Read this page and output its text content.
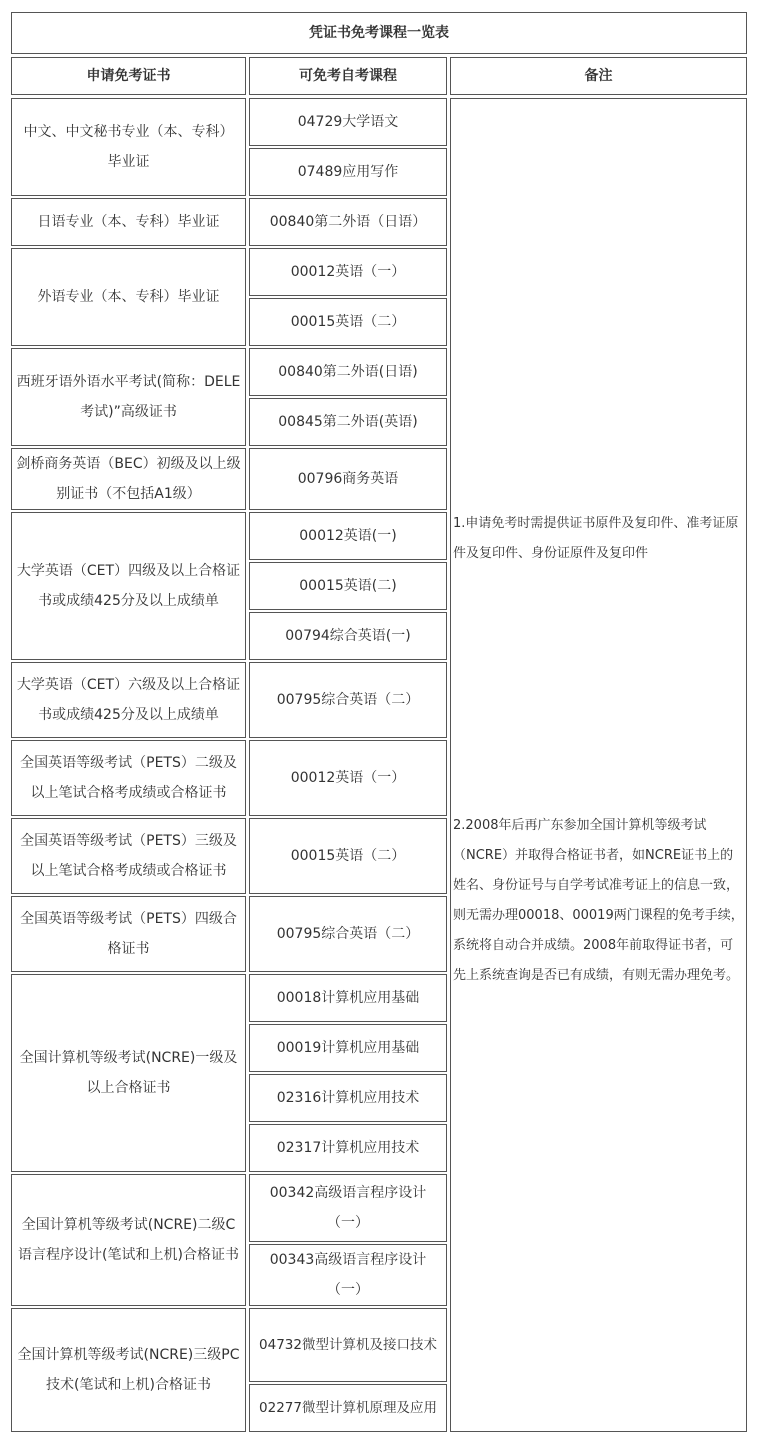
凭证书免考课程一览表
申请免考证书	可免考自考课程	备注
中文、中文秘书专业（本、专科）毕业证
日语专业（本、专科）毕业证
外语专业（本、专科）毕业证
西班牙语外语水平考试(简称：DELE考试)”高级证书
剑桥商务英语（BEC）初级及以上级别证书（不包括A1级）
大学英语（CET）四级及以上合格证书或成绩425分及以上成绩单
大学英语（CET）六级及以上合格证书或成绩425分及以上成绩单
全国英语等级考试（PETS）二级及以上笔试合格考成绩或合格证书
全国英语等级考试（PETS）三级及以上笔试合格考成绩或合格证书
全国英语等级考试（PETS）四级合格证书
全国计算机等级考试(NCRE)一级及以上合格证书
全国计算机等级考试(NCRE)二级C语言程序设计(笔试和上机)合格证书
全国计算机等级考试(NCRE)三级PC技术(笔试和上机)合格证书
04729大学语文
07489应用写作
00840第二外语（日语）
00012英语（一）
00015英语（二）
00840第二外语(日语)
00845第二外语(英语)
00796商务英语
00012英语(一)
00015英语(二)
00794综合英语(一)
00795综合英语（二）
00012英语（一）
00015英语（二）
00795综合英语（二）
00018计算机应用基础
00019计算机应用基础
02316计算机应用技术
02317计算机应用技术
00342高级语言程序设计（一）
00343高级语言程序设计（一）
04732微型计算机及接口技术
02277微型计算机原理及应用

1.申请免考时需提供证书原件及复印件、准考证原件及复印件、身份证原件及复印件

2.2008年后再广东参加全国计算机等级考试（NCRE）并取得合格证书者，如NCRE证书上的姓名、身份证号与自学考试准考证上的信息一致，则无需办理00018、00019两门课程的免考手续，系统将自动合并成绩。2008年前取得证书者，可先上系统查询是否已有成绩，有则无需办理免考。
